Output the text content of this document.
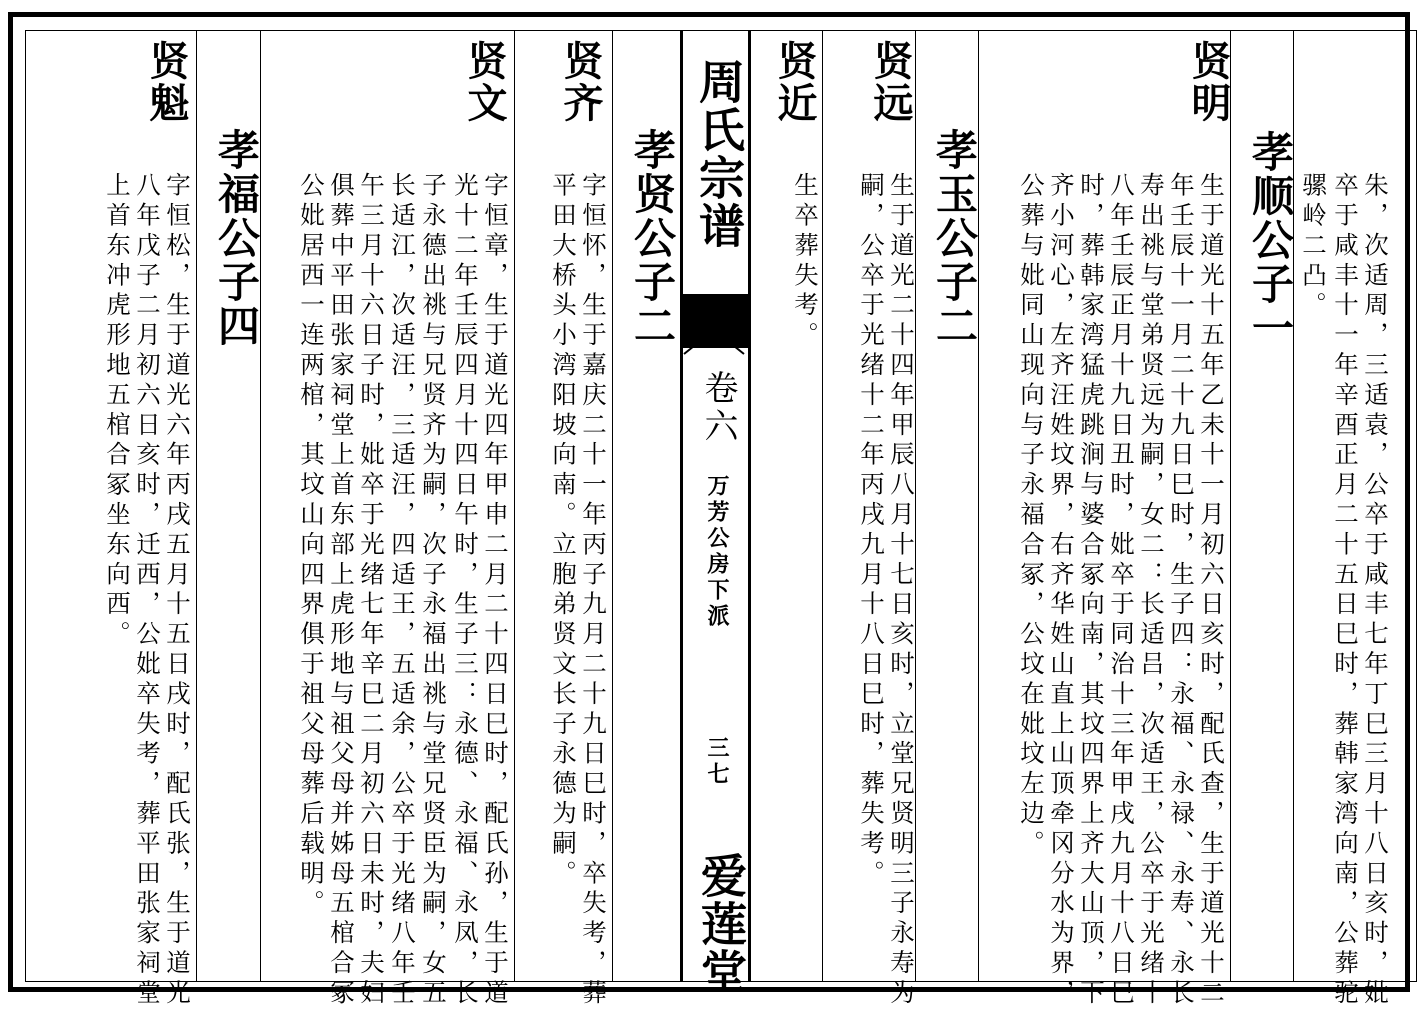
朱，次适周，三适袁，公卒于咸丰七年丁巳三月十八日亥时，妣
卒于咸丰十一年辛酉正月二十五日巳时，葬韩家湾向南，公葬驼
骡岭二凸。
孝顺公子一
贤明
生于道光十五年乙未十一月初六日亥时，配氏查，生于道光十二
年壬辰十一月二十九日巳时，生子四：永福、永禄、永寿、永长
寿出祧与堂弟贤远为嗣，女二：长适吕，次适王，公卒于光绪十
八年壬辰正月十九日丑时，妣卒于同治十三年甲戌九月十八日巳
时，葬韩家湾猛虎跳涧与婆合冢向南，其坟四界上齐大山顶，下
齐小河心，左齐汪姓坟界，右齐华姓山直上山顶牵冈分水为界，
公葬与妣同山现向与子永福合冢，公坟在妣坟左边。
孝玉公子二
贤远
生于道光二十四年甲辰八月十七日亥时，立堂兄贤明三子永寿为
嗣，公卒于光绪十二年丙戌九月十八日巳时，葬失考。
贤近
生卒葬失考。
周氏宗谱
卷六
万芳公房下派
三七
爱莲堂
孝贤公子二
贤齐
字恒怀，生于嘉庆二十一年丙子九月二十九日巳时，卒失考，葬
平田大桥头小湾阳坡向南。立胞弟贤文长子永德为嗣。
贤文
字恒章，生于道光四年甲申二月二十四日巳时，配氏孙，生于道
光十二年壬辰四月十四日午时，生子三：永德、永福、永凤，长
子永德出祧与兄贤齐为嗣，次子永福出祧与堂兄贤臣为嗣，女五
长适江，次适汪，三适汪，四适王，五适余，公卒于光绪八年壬
午三月十六日子时，妣卒于光绪七年辛巳二月初六日未时，夫妇
俱葬中平田张家祠堂上首东部上虎形地与祖父母并姊母五棺合冢
公妣居西一连两棺，其坟山向四界俱于祖父母葬后载明。
孝福公子四
贤魁
字恒松，生于道光六年丙戌五月十五日戌时，配氏张，生于道光
八年戊子二月初六日亥时，迁西，公妣卒失考，葬平田张家祠堂
上首东冲虎形地五棺合冢坐东向西。
